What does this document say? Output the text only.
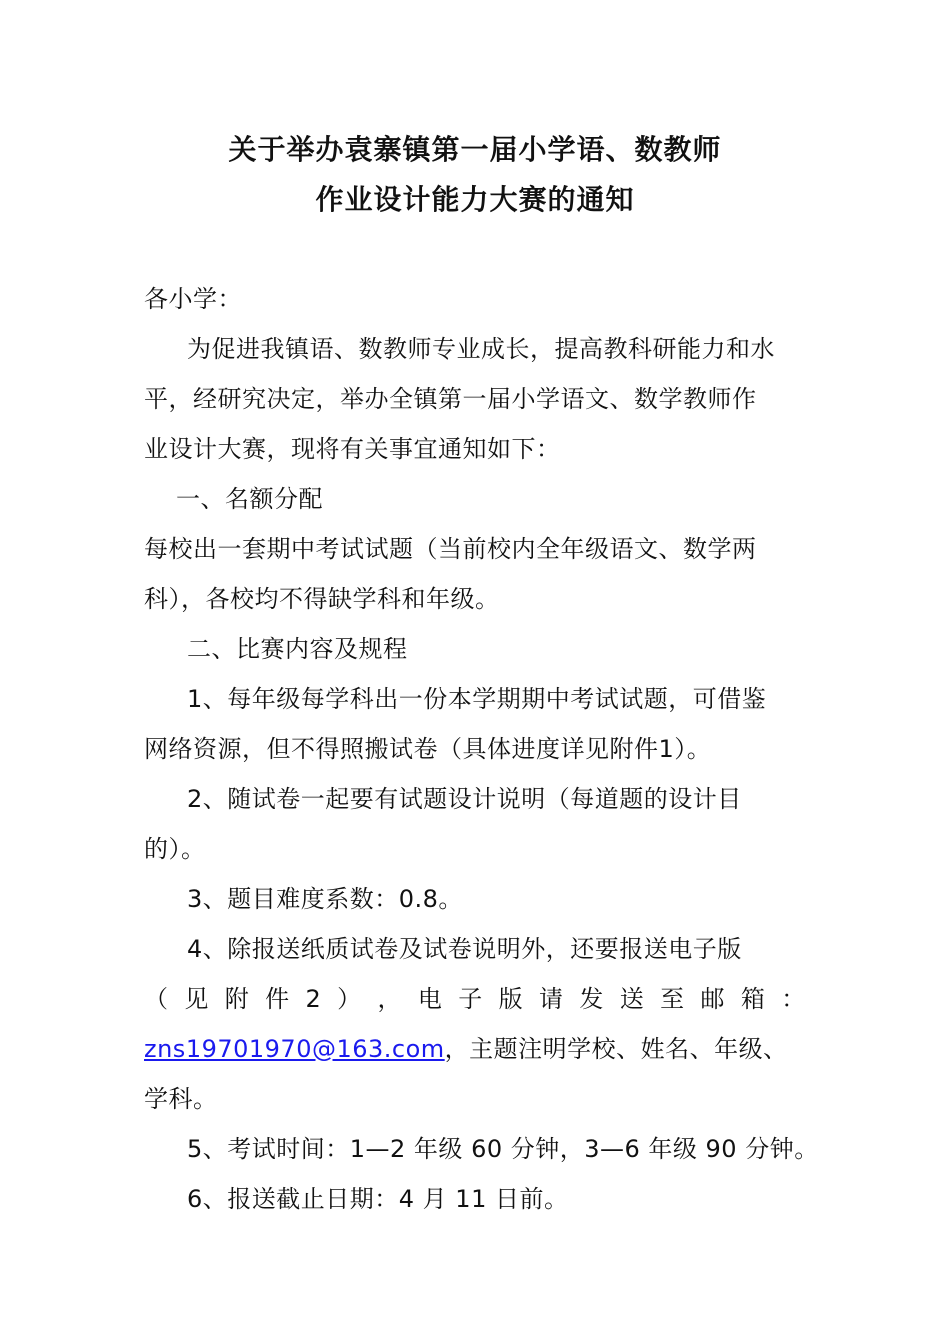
关于举办袁寨镇第一届小学语、数教师
作业设计能力大赛的通知
各小学：
为促进我镇语、数教师专业成长，提高教科研能力和水
平，经研究决定，举办全镇第一届小学语文、数学教师作
业设计大赛，现将有关事宜通知如下：
一、名额分配
每校出一套期中考试试题（当前校内全年级语文、数学两
科），各校均不得缺学科和年级。
二、比赛内容及规程
1、每年级每学科出一份本学期期中考试试题，可借鉴
网络资源，但不得照搬试卷（具体进度详见附件1）。
2、随试卷一起要有试题设计说明（每道题的设计目
的）。
3、题目难度系数：0.8。
4、除报送纸质试卷及试卷说明外，还要报送电子版
（ 见 附 件 2 ） ， 电 子 版 请 发 送 至 邮 箱 ：
zns19701970@163.com，主题注明学校、姓名、年级、
学科。
5、考试时间：1—2 年级 60 分钟，3—6 年级 90 分钟。
6、报送截止日期：4 月 11 日前。
